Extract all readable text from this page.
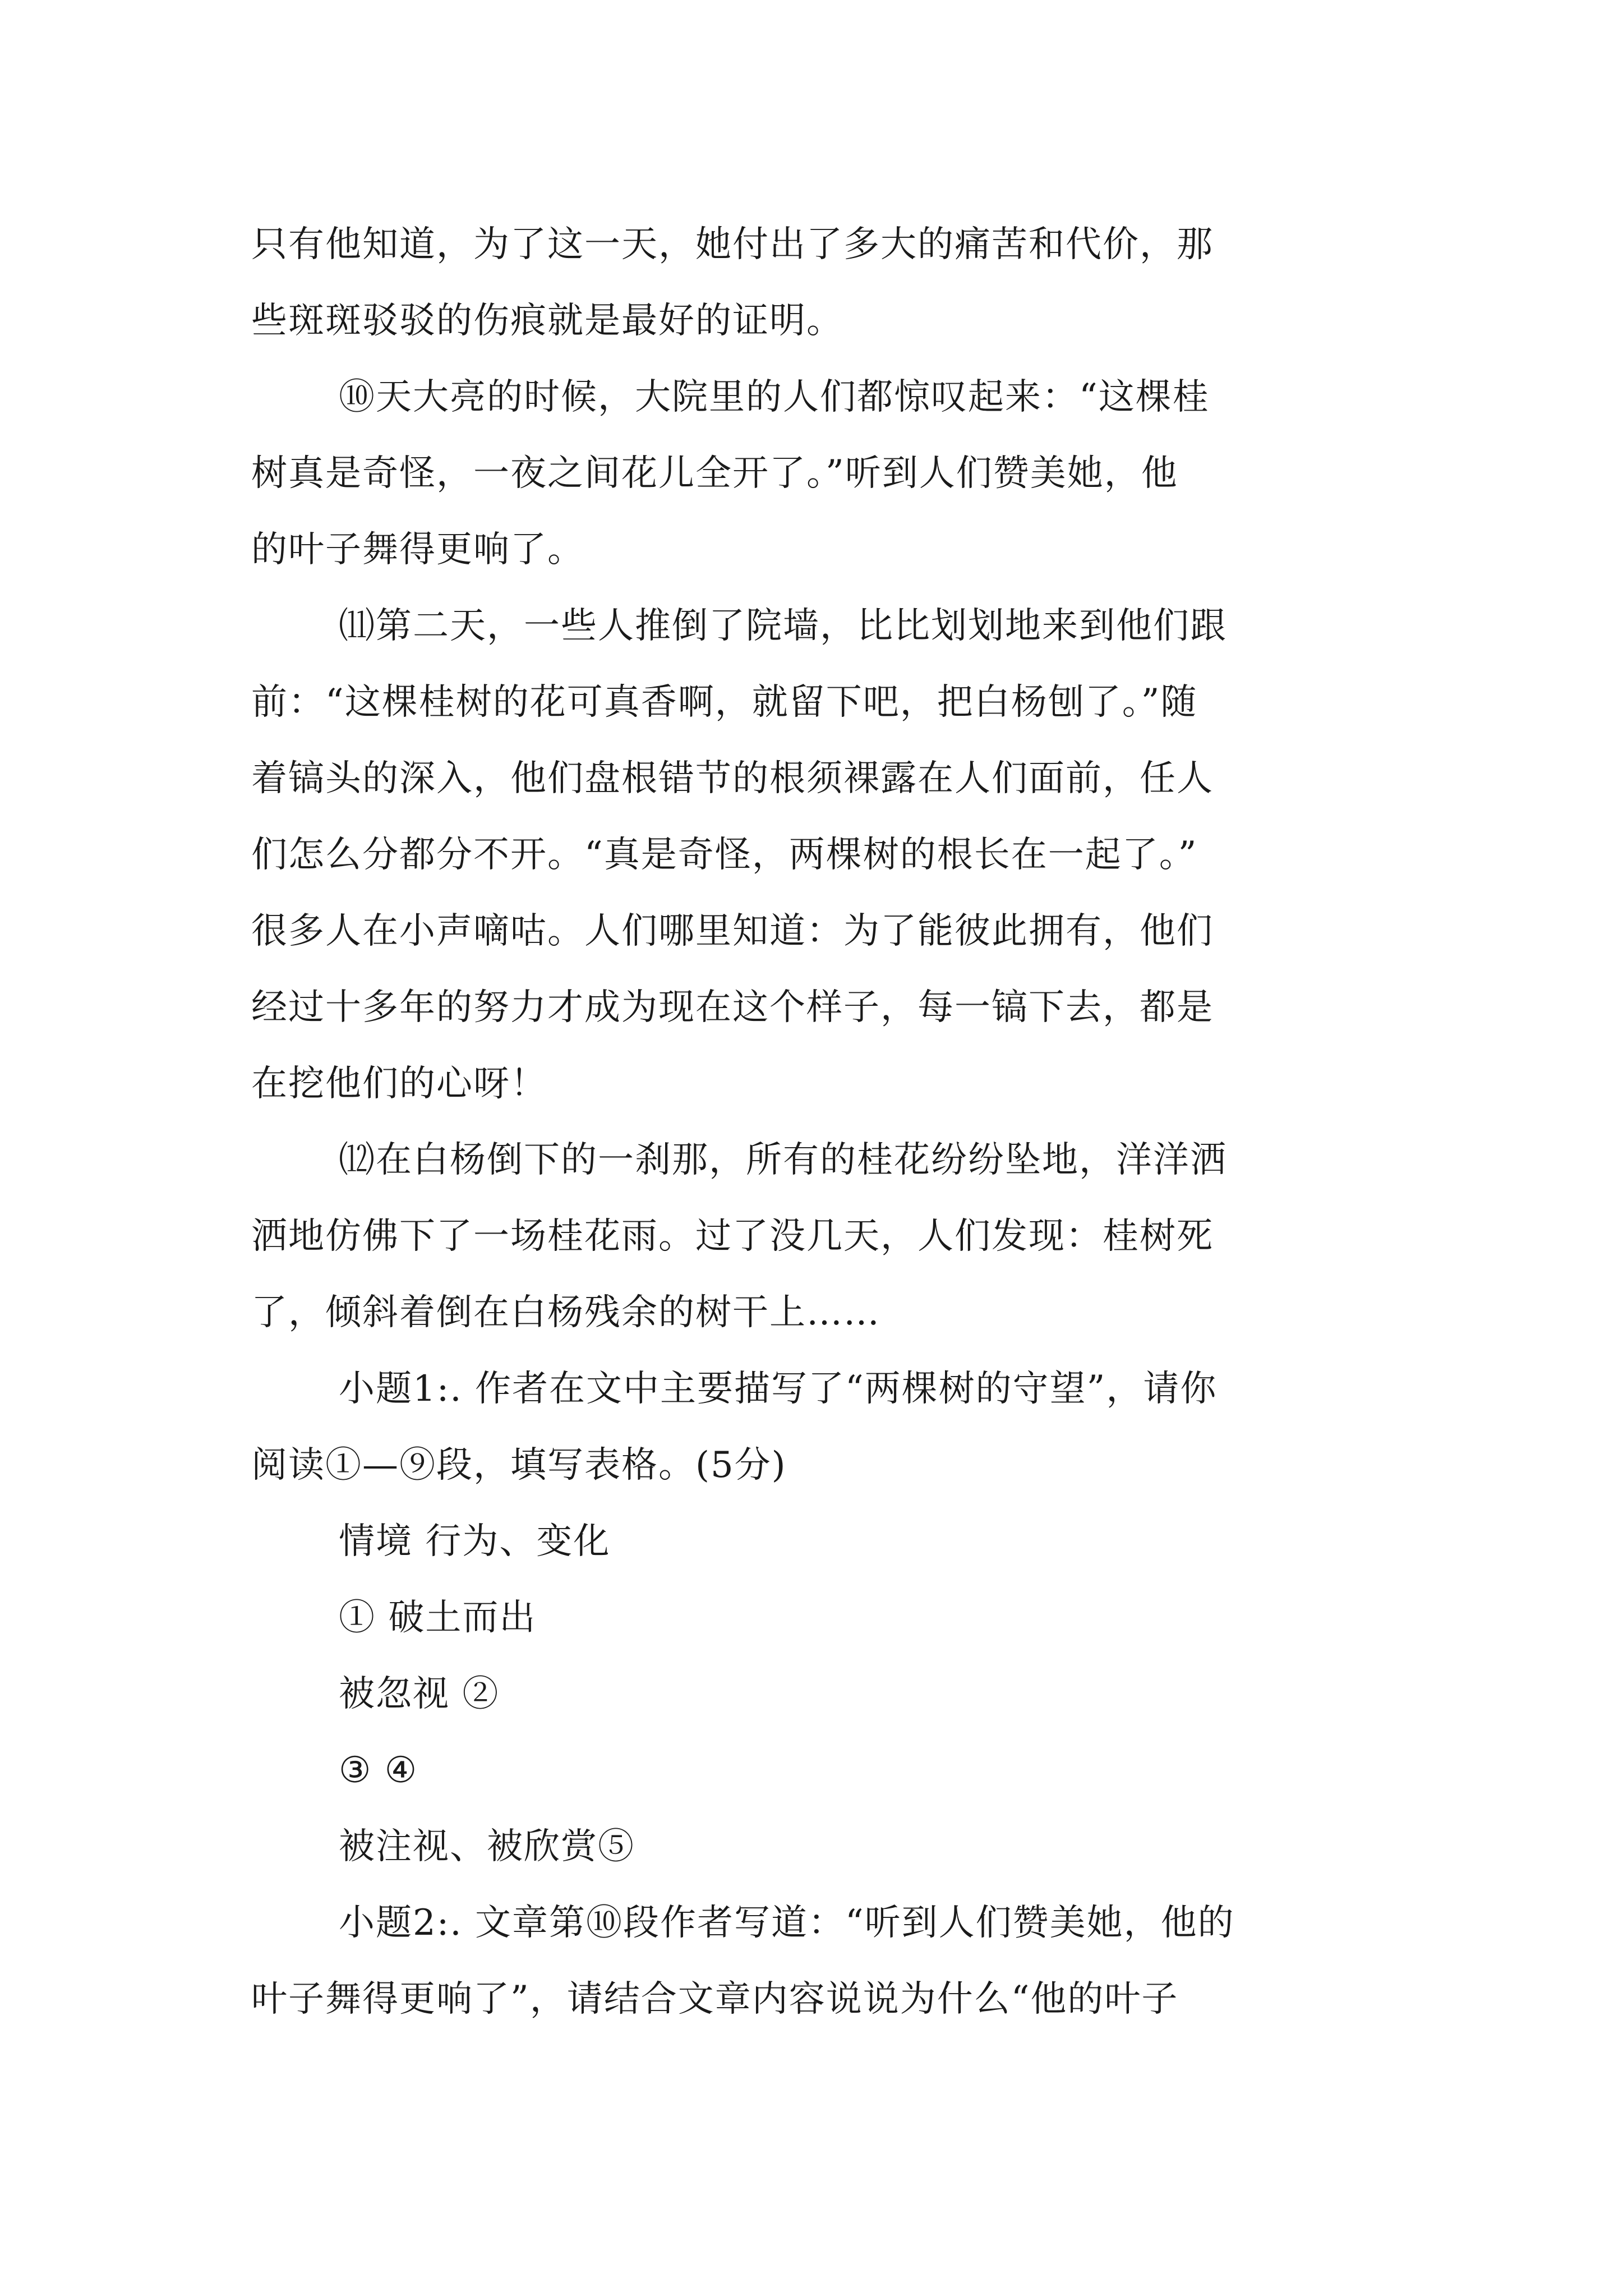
只有他知道，为了这一天，她付出了多大的痛苦和代价，那
些斑斑驳驳的伤痕就是最好的证明。
⑩天大亮的时候，大院里的人们都惊叹起来：“这棵桂
树真是奇怪，一夜之间花儿全开了。”听到人们赞美她，他
的叶子舞得更响了。
⑾第二天，一些人推倒了院墙，比比划划地来到他们跟
前：“这棵桂树的花可真香啊，就留下吧，把白杨刨了。”随
着镐头的深入，他们盘根错节的根须裸露在人们面前，任人
们怎么分都分不开。“真是奇怪，两棵树的根长在一起了。”
很多人在小声嘀咕。人们哪里知道：为了能彼此拥有，他们
经过十多年的努力才成为现在这个样子，每一镐下去，都是
在挖他们的心呀！
⑿在白杨倒下的一刹那，所有的桂花纷纷坠地，洋洋洒
洒地仿佛下了一场桂花雨。过了没几天，人们发现：桂树死
了，倾斜着倒在白杨残余的树干上……
小题1:. 作者在文中主要描写了“两棵树的守望”，请你
阅读①—⑨段，填写表格。(5分)
情境 行为、变化
① 破土而出
被忽视 ②
③ ④
被注视、被欣赏⑤
小题2:. 文章第⑩段作者写道：“听到人们赞美她，他的
叶子舞得更响了”，请结合文章内容说说为什么“他的叶子
